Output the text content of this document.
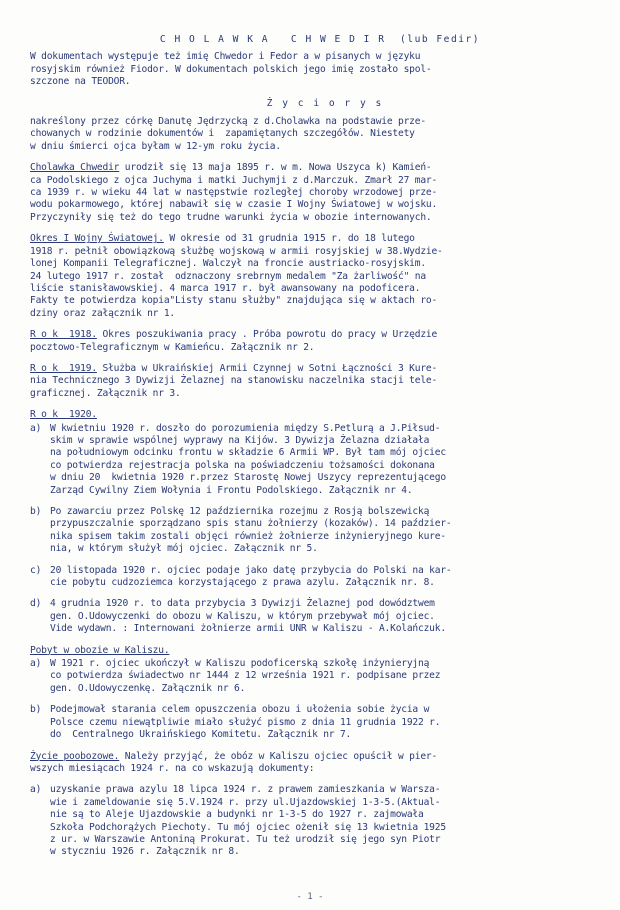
C H O L A W K A   C H W E D I R  (lub Fedir)

W dokumentach występuje też imię Chwedor i Fedor a w pisanych w języku
rosyjskim również Fiodor. W dokumentach polskich jego imię zostało spol-
szczone na TEODOR.

Ż y c i o r y s

nakreślony przez córkę Danutę Jędrzycką z d.Cholawka na podstawie prze-
chowanych w rodzinie dokumentów i  zapamiętanych szczegółów. Niestety
w dniu śmierci ojca byłam w 12-ym roku życia.

Cholawka Chwedir urodził się 13 maja 1895 r. w m. Nowa Uszyca k) Kamień-
ca Podolskiego z ojca Juchyma i matki Juchymji z d.Marczuk. Zmarł 27 mar-
ca 1939 r. w wieku 44 lat w następstwie rozległej choroby wrzodowej prze-
wodu pokarmowego, której nabawił się w czasie I Wojny Światowej w wojsku.
Przyczyniły się też do tego trudne warunki życia w obozie internowanych.

Okres I Wojny Światowej. W okresie od 31 grudnia 1915 r. do 18 lutego
1918 r. pełnił obowiązkową służbę wojskową w armii rosyjskiej w 38.Wydzie-
lonej Kompanii Telegraficznej. Walczył na froncie austriacko-rosyjskim.
24 lutego 1917 r. został  odznaczony srebrnym medalem "Za żarliwość" na
liście stanisławowskiej. 4 marca 1917 r. był awansowany na podoficera.
Fakty te potwierdza kopia"Listy stanu służby" znajdująca się w aktach ro-
dziny oraz załącznik nr 1.

R o k  1918. Okres poszukiwania pracy . Próba powrotu do pracy w Urzędzie
pocztowo-Telegraficznym w Kamieńcu. Załącznik nr 2.

R o k  1919. Służba w Ukraińskiej Armii Czynnej w Sotni Łączności 3 Kure-
nia Technicznego 3 Dywizji Żelaznej na stanowisku naczelnika stacji tele-
graficznej. Załącznik nr 3.

R o k  1920.

a) W kwietniu 1920 r. doszło do porozumienia między S.Petlurą a J.Piłsud-
skim w sprawie wspólnej wyprawy na Kijów. 3 Dywizja Żelazna działała
na południowym odcinku frontu w składzie 6 Armii WP. Był tam mój ojciec
co potwierdza rejestracja polska na poświadczeniu tożsamości dokonana
w dniu 20  kwietnia 1920 r.przez Starostę Nowej Uszycy reprezentującego
Zarząd Cywilny Ziem Wołynia i Frontu Podolskiego. Załącznik nr 4.

b) Po zawarciu przez Polskę 12 października rozejmu z Rosją bolszewicką
przypuszczalnie sporządzano spis stanu żołnierzy (kozaków). 14 paździer-
nika spisem takim zostali objęci również żołnierze inżynieryjnego kure-
nia, w którym służył mój ojciec. Załącznik nr 5.

c) 20 listopada 1920 r. ojciec podaje jako datę przybycia do Polski na kar-
cie pobytu cudzoziemca korzystającego z prawa azylu. Załącznik nr. 8.

d) 4 grudnia 1920 r. to data przybycia 3 Dywizji Żelaznej pod dowództwem
gen. O.Udowyczenki do obozu w Kaliszu, w którym przebywał mój ojciec.
Vide wydawn. : Internowani żołnierze armii UNR w Kaliszu - A.Kolańczuk.

Pobyt w obozie w Kaliszu.

a) W 1921 r. ojciec ukończył w Kaliszu podoficerską szkołę inżynieryjną
co potwierdza świadectwo nr 1444 z 12 września 1921 r. podpisane przez
gen. O.Udowyczenkę. Załącznik nr 6.

b) Podejmował starania celem opuszczenia obozu i ułożenia sobie życia w
Polsce czemu niewątpliwie miało służyć pismo z dnia 11 grudnia 1922 r.
do  Centralnego Ukraińskiego Komitetu. Załącznik nr 7.

Życie poobozowe. Należy przyjąć, że obóz w Kaliszu ojciec opuścił w pier-
wszych miesiącach 1924 r. na co wskazują dokumenty:

a) uzyskanie prawa azylu 18 lipca 1924 r. z prawem zamieszkania w Warsza-
wie i zameldowanie się 5.V.1924 r. przy ul.Ujazdowskiej 1-3-5.(Aktual-
nie są to Aleje Ujazdowskie a budynki nr 1-3-5 do 1927 r. zajmowała
Szkoła Podchorążych Piechoty. Tu mój ojciec ożenił się 13 kwietnia 1925
z ur. w Warszawie Antoniną Prokurat. Tu też urodził się jego syn Piotr
w styczniu 1926 r. Załącznik nr 8.

- 1 -
